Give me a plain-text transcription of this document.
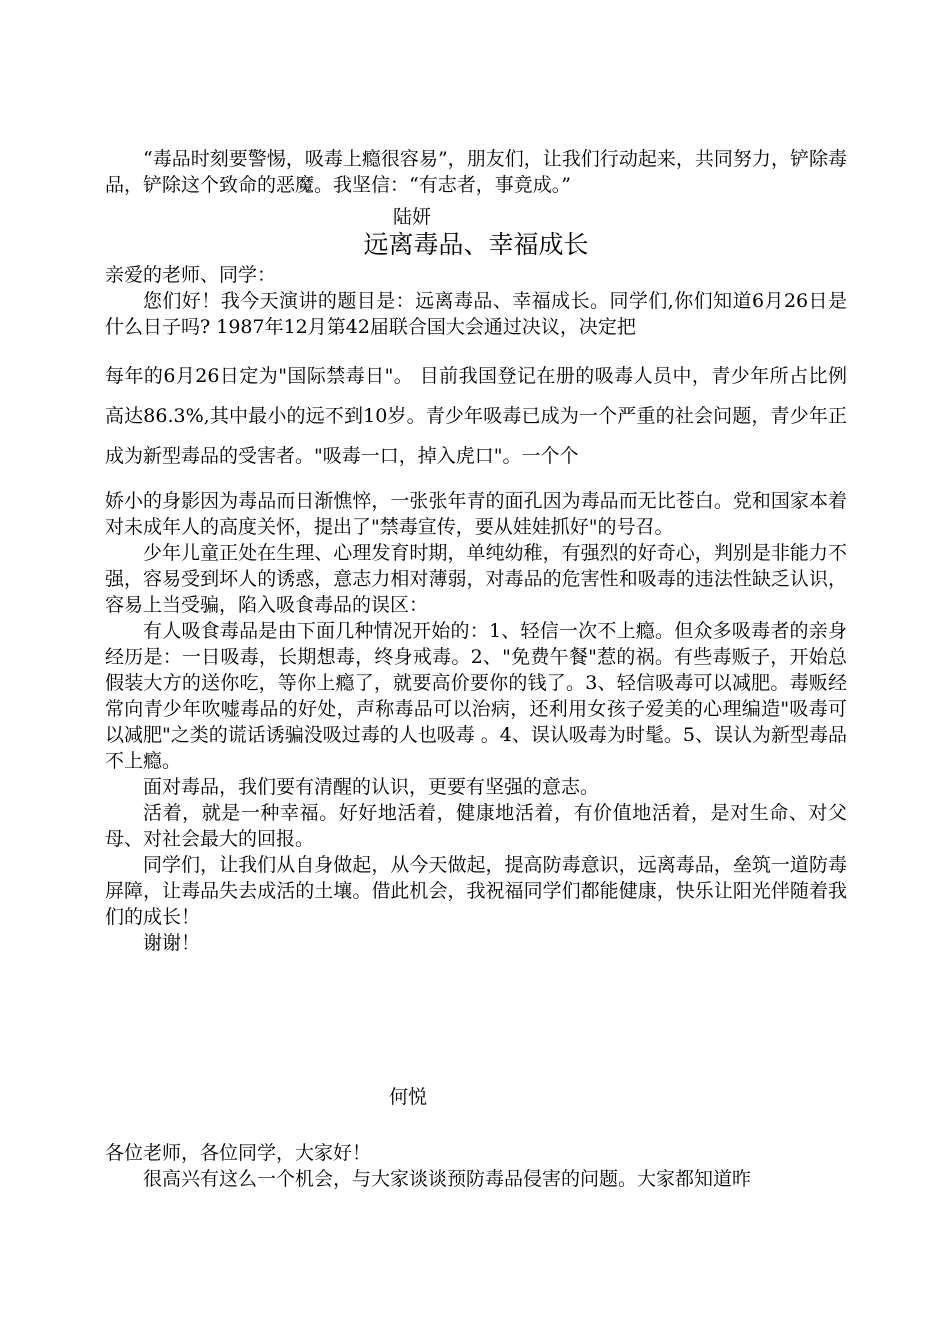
“毒品时刻要警惕，吸毒上瘾很容易”，朋友们，让我们行动起来，共同努力，铲除毒品，铲除这个致命的恶魔。我坚信：“有志者，事竟成。”

陆妍

远离毒品、幸福成长

亲爱的老师、同学：

您们好！我今天演讲的题目是：远离毒品、幸福成长。同学们,你们知道6月26日是什么日子吗? 1987年12月第42届联合国大会通过决议，决定把

每年的6月26日定为"国际禁毒日"。 目前我国登记在册的吸毒人员中，青少年所占比例高达86.3%,其中最小的远不到10岁。青少年吸毒已成为一个严重的社会问题，青少年正成为新型毒品的受害者。"吸毒一口，掉入虎口"。一个个

娇小的身影因为毒品而日渐憔悴，一张张年青的面孔因为毒品而无比苍白。党和国家本着对未成年人的高度关怀，提出了"禁毒宣传，要从娃娃抓好"的号召。

少年儿童正处在生理、心理发育时期，单纯幼稚，有强烈的好奇心，判别是非能力不强，容易受到坏人的诱惑，意志力相对薄弱，对毒品的危害性和吸毒的违法性缺乏认识，容易上当受骗，陷入吸食毒品的误区：

有人吸食毒品是由下面几种情况开始的：1、轻信一次不上瘾。但众多吸毒者的亲身经历是：一日吸毒，长期想毒，终身戒毒。2、"免费午餐"惹的祸。有些毒贩子，开始总假装大方的送你吃，等你上瘾了，就要高价要你的钱了。3、轻信吸毒可以减肥。毒贩经常向青少年吹嘘毒品的好处，声称毒品可以治病，还利用女孩子爱美的心理编造"吸毒可以减肥"之类的谎话诱骗没吸过毒的人也吸毒 。4、误认吸毒为时髦。5、误认为新型毒品不上瘾。

面对毒品，我们要有清醒的认识，更要有坚强的意志。

活着，就是一种幸福。好好地活着，健康地活着，有价值地活着，是对生命、对父母、对社会最大的回报。

同学们，让我们从自身做起，从今天做起，提高防毒意识，远离毒品，垒筑一道防毒屏障，让毒品失去成活的土壤。借此机会，我祝福同学们都能健康，快乐让阳光伴随着我们的成长！

谢谢！

何悦

各位老师，各位同学，大家好！

很高兴有这么一个机会，与大家谈谈预防毒品侵害的问题。大家都知道昨
